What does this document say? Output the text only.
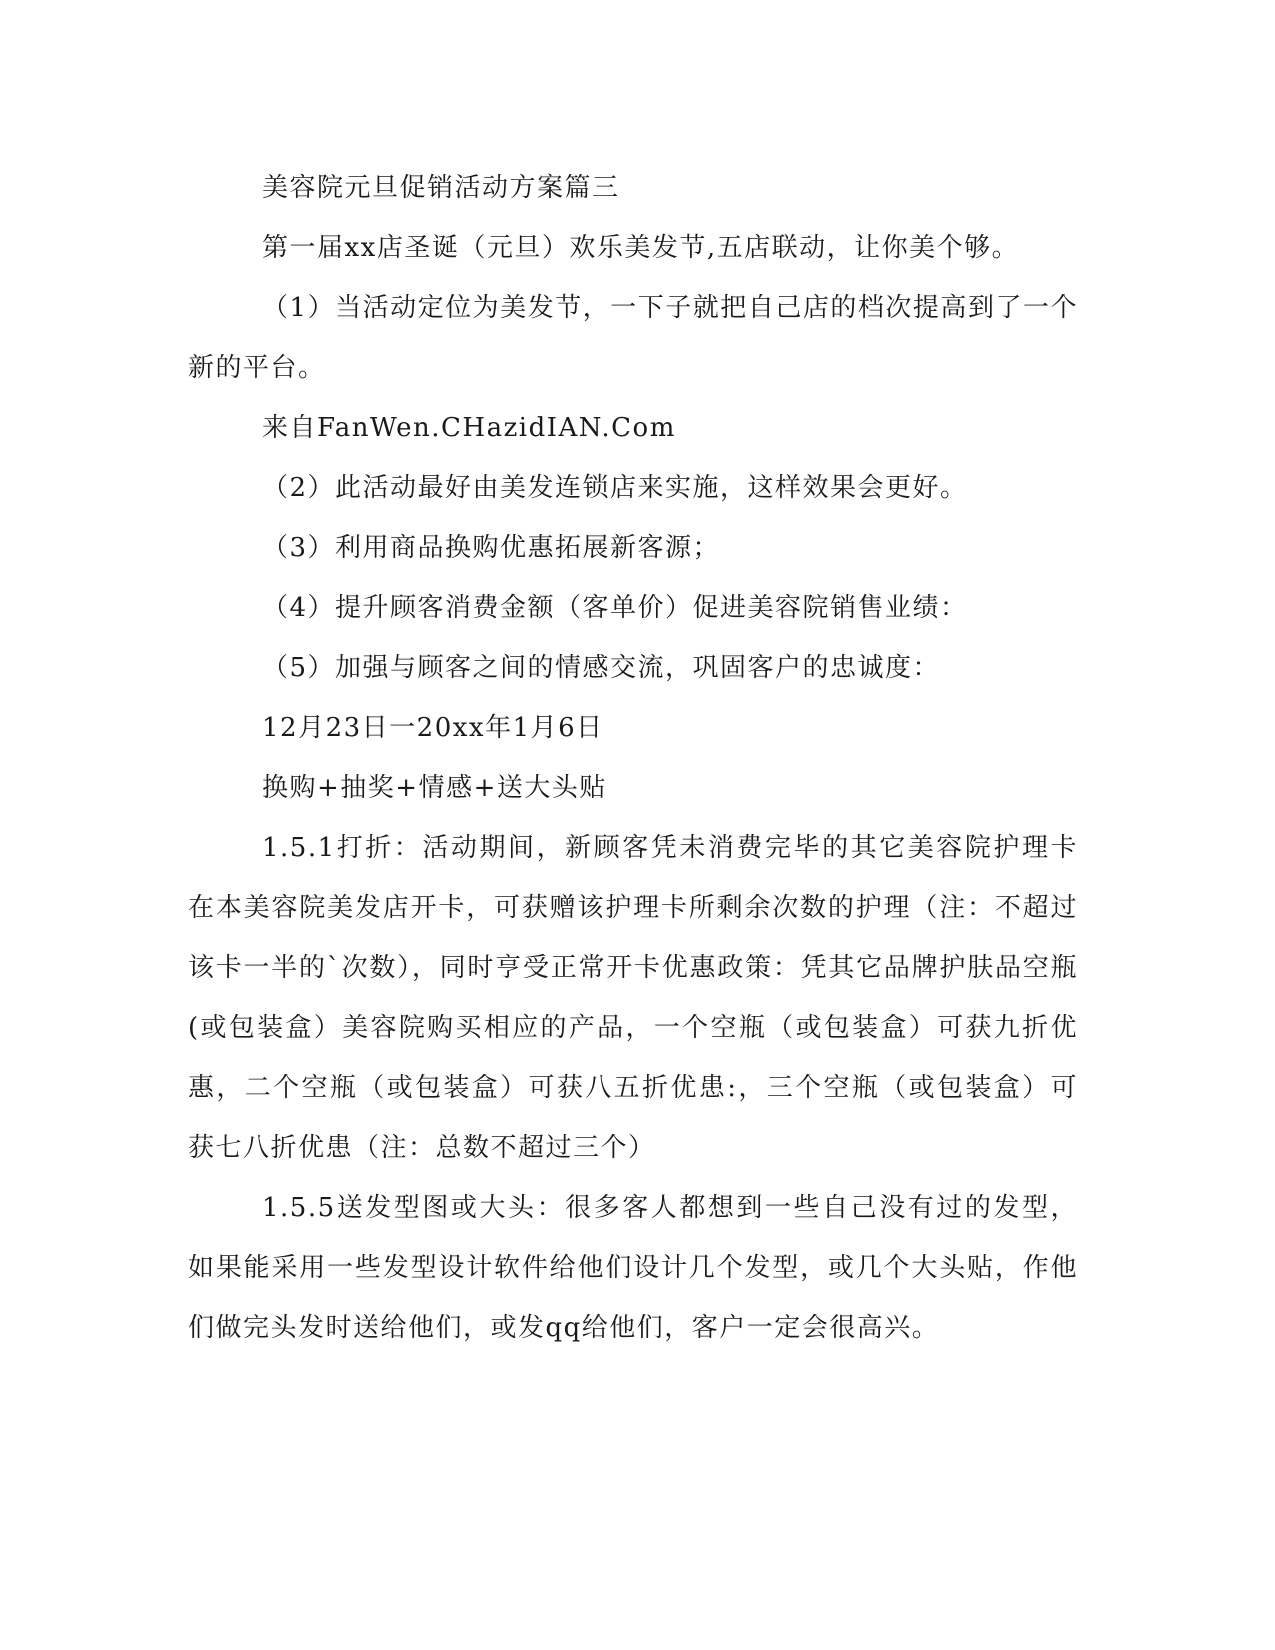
美容院元旦促销活动方案篇三

第一届xx店圣诞（元旦）欢乐美发节,五店联动，让你美个够。

（1）当活动定位为美发节，一下子就把自己店的档次提高到了一个新的平台。

来自FanWen.CHazidIAN.Com

（2）此活动最好由美发连锁店来实施，这样效果会更好。

（3）利用商品换购优惠拓展新客源；

（4）提升顾客消费金额（客单价）促进美容院销售业绩：

（5）加强与顾客之间的情感交流，巩固客户的忠诚度：

12月23日一20xx年1月6日

换购+抽奖+情感+送大头贴

1.5.1打折：活动期间，新顾客凭未消费完毕的其它美容院护理卡在本美容院美发店开卡，可获赠该护理卡所剩余次数的护理（注：不超过该卡一半的`次数），同时亨受正常开卡优惠政策：凭其它品牌护肤品空瓶(或包装盒）美容院购买相应的产品，一个空瓶（或包装盒）可获九折优惠，二个空瓶（或包装盒）可获八五折优患:，三个空瓶（或包装盒）可获七八折优患（注：总数不超过三个）

1.5.5送发型图或大头：很多客人都想到一些自己没有过的发型，如果能采用一些发型设计软件给他们设计几个发型，或几个大头贴，作他们做完头发时送给他们，或发qq给他们，客户一定会很高兴。
